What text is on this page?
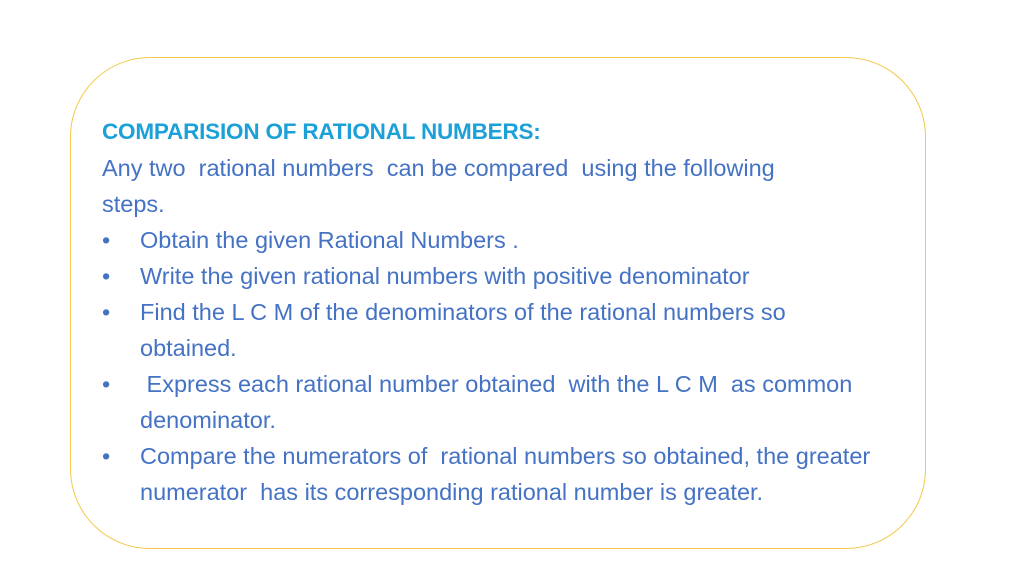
COMPARISION OF RATIONAL NUMBERS:
Any two  rational numbers  can be compared  using the following
steps.
• Obtain the given Rational Numbers .
• Write the given rational numbers with positive denominator
• Find the L C M of the denominators of the rational numbers so obtained.
• Express each rational number obtained  with the L C M  as common denominator.
• Compare the numerators of  rational numbers so obtained, the greater numerator  has its corresponding rational number is greater.
